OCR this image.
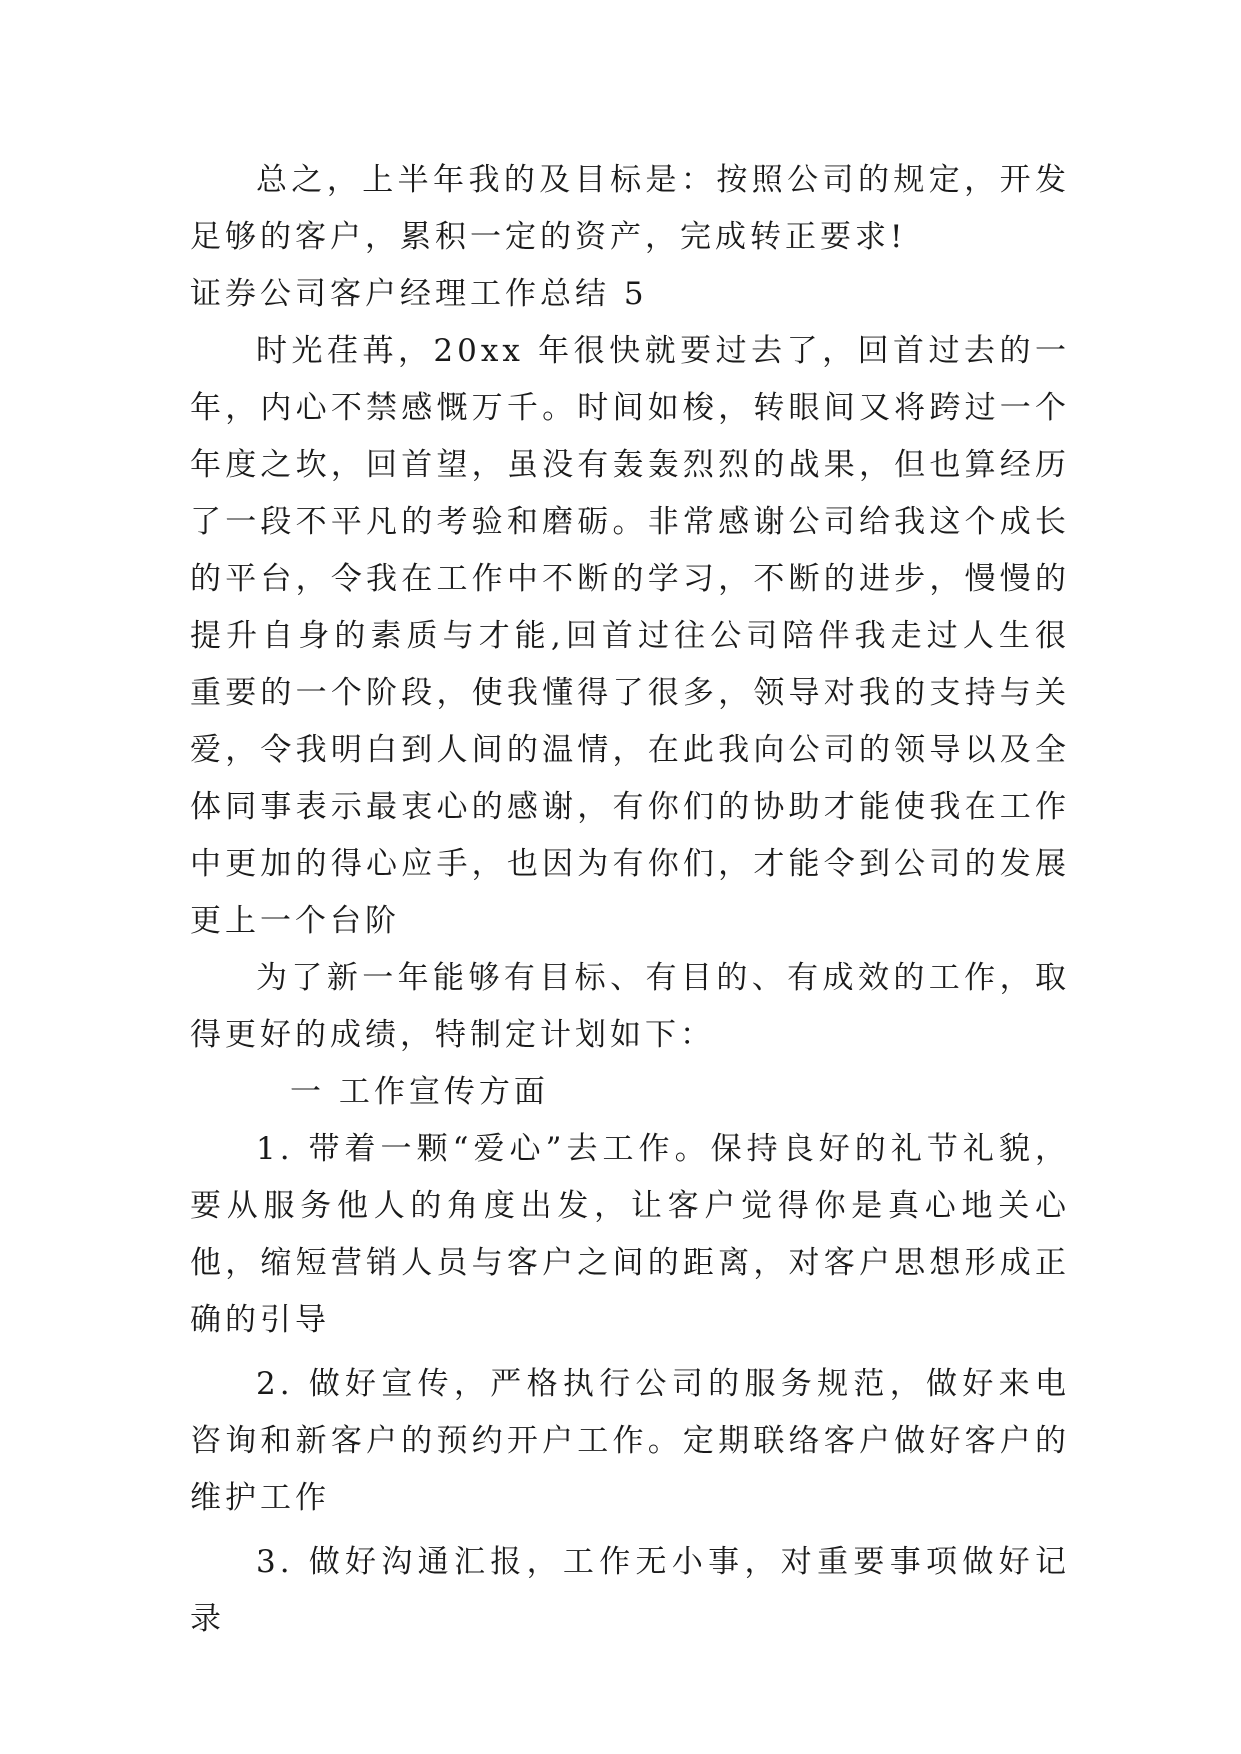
总之，上半年我的及目标是：按照公司的规定，开发足够的客户，累积一定的资产，完成转正要求!

证券公司客户经理工作总结 5

时光荏苒，20xx 年很快就要过去了，回首过去的一年，内心不禁感慨万千。时间如梭，转眼间又将跨过一个年度之坎，回首望，虽没有轰轰烈烈的战果，但也算经历了一段不平凡的考验和磨砺。非常感谢公司给我这个成长的平台，令我在工作中不断的学习，不断的进步，慢慢的提升自身的素质与才能,回首过往公司陪伴我走过人生很重要的一个阶段，使我懂得了很多，领导对我的支持与关爱，令我明白到人间的温情，在此我向公司的领导以及全体同事表示最衷心的感谢，有你们的协助才能使我在工作中更加的得心应手，也因为有你们，才能令到公司的发展更上一个台阶

为了新一年能够有目标、有目的、有成效的工作，取得更好的成绩，特制定计划如下：

一 工作宣传方面

1. 带着一颗“爱心”去工作。保持良好的礼节礼貌，要从服务他人的角度出发，让客户觉得你是真心地关心他，缩短营销人员与客户之间的距离，对客户思想形成正确的引导

2. 做好宣传，严格执行公司的服务规范，做好来电咨询和新客户的预约开户工作。定期联络客户做好客户的维护工作

3. 做好沟通汇报，工作无小事，对重要事项做好记录
